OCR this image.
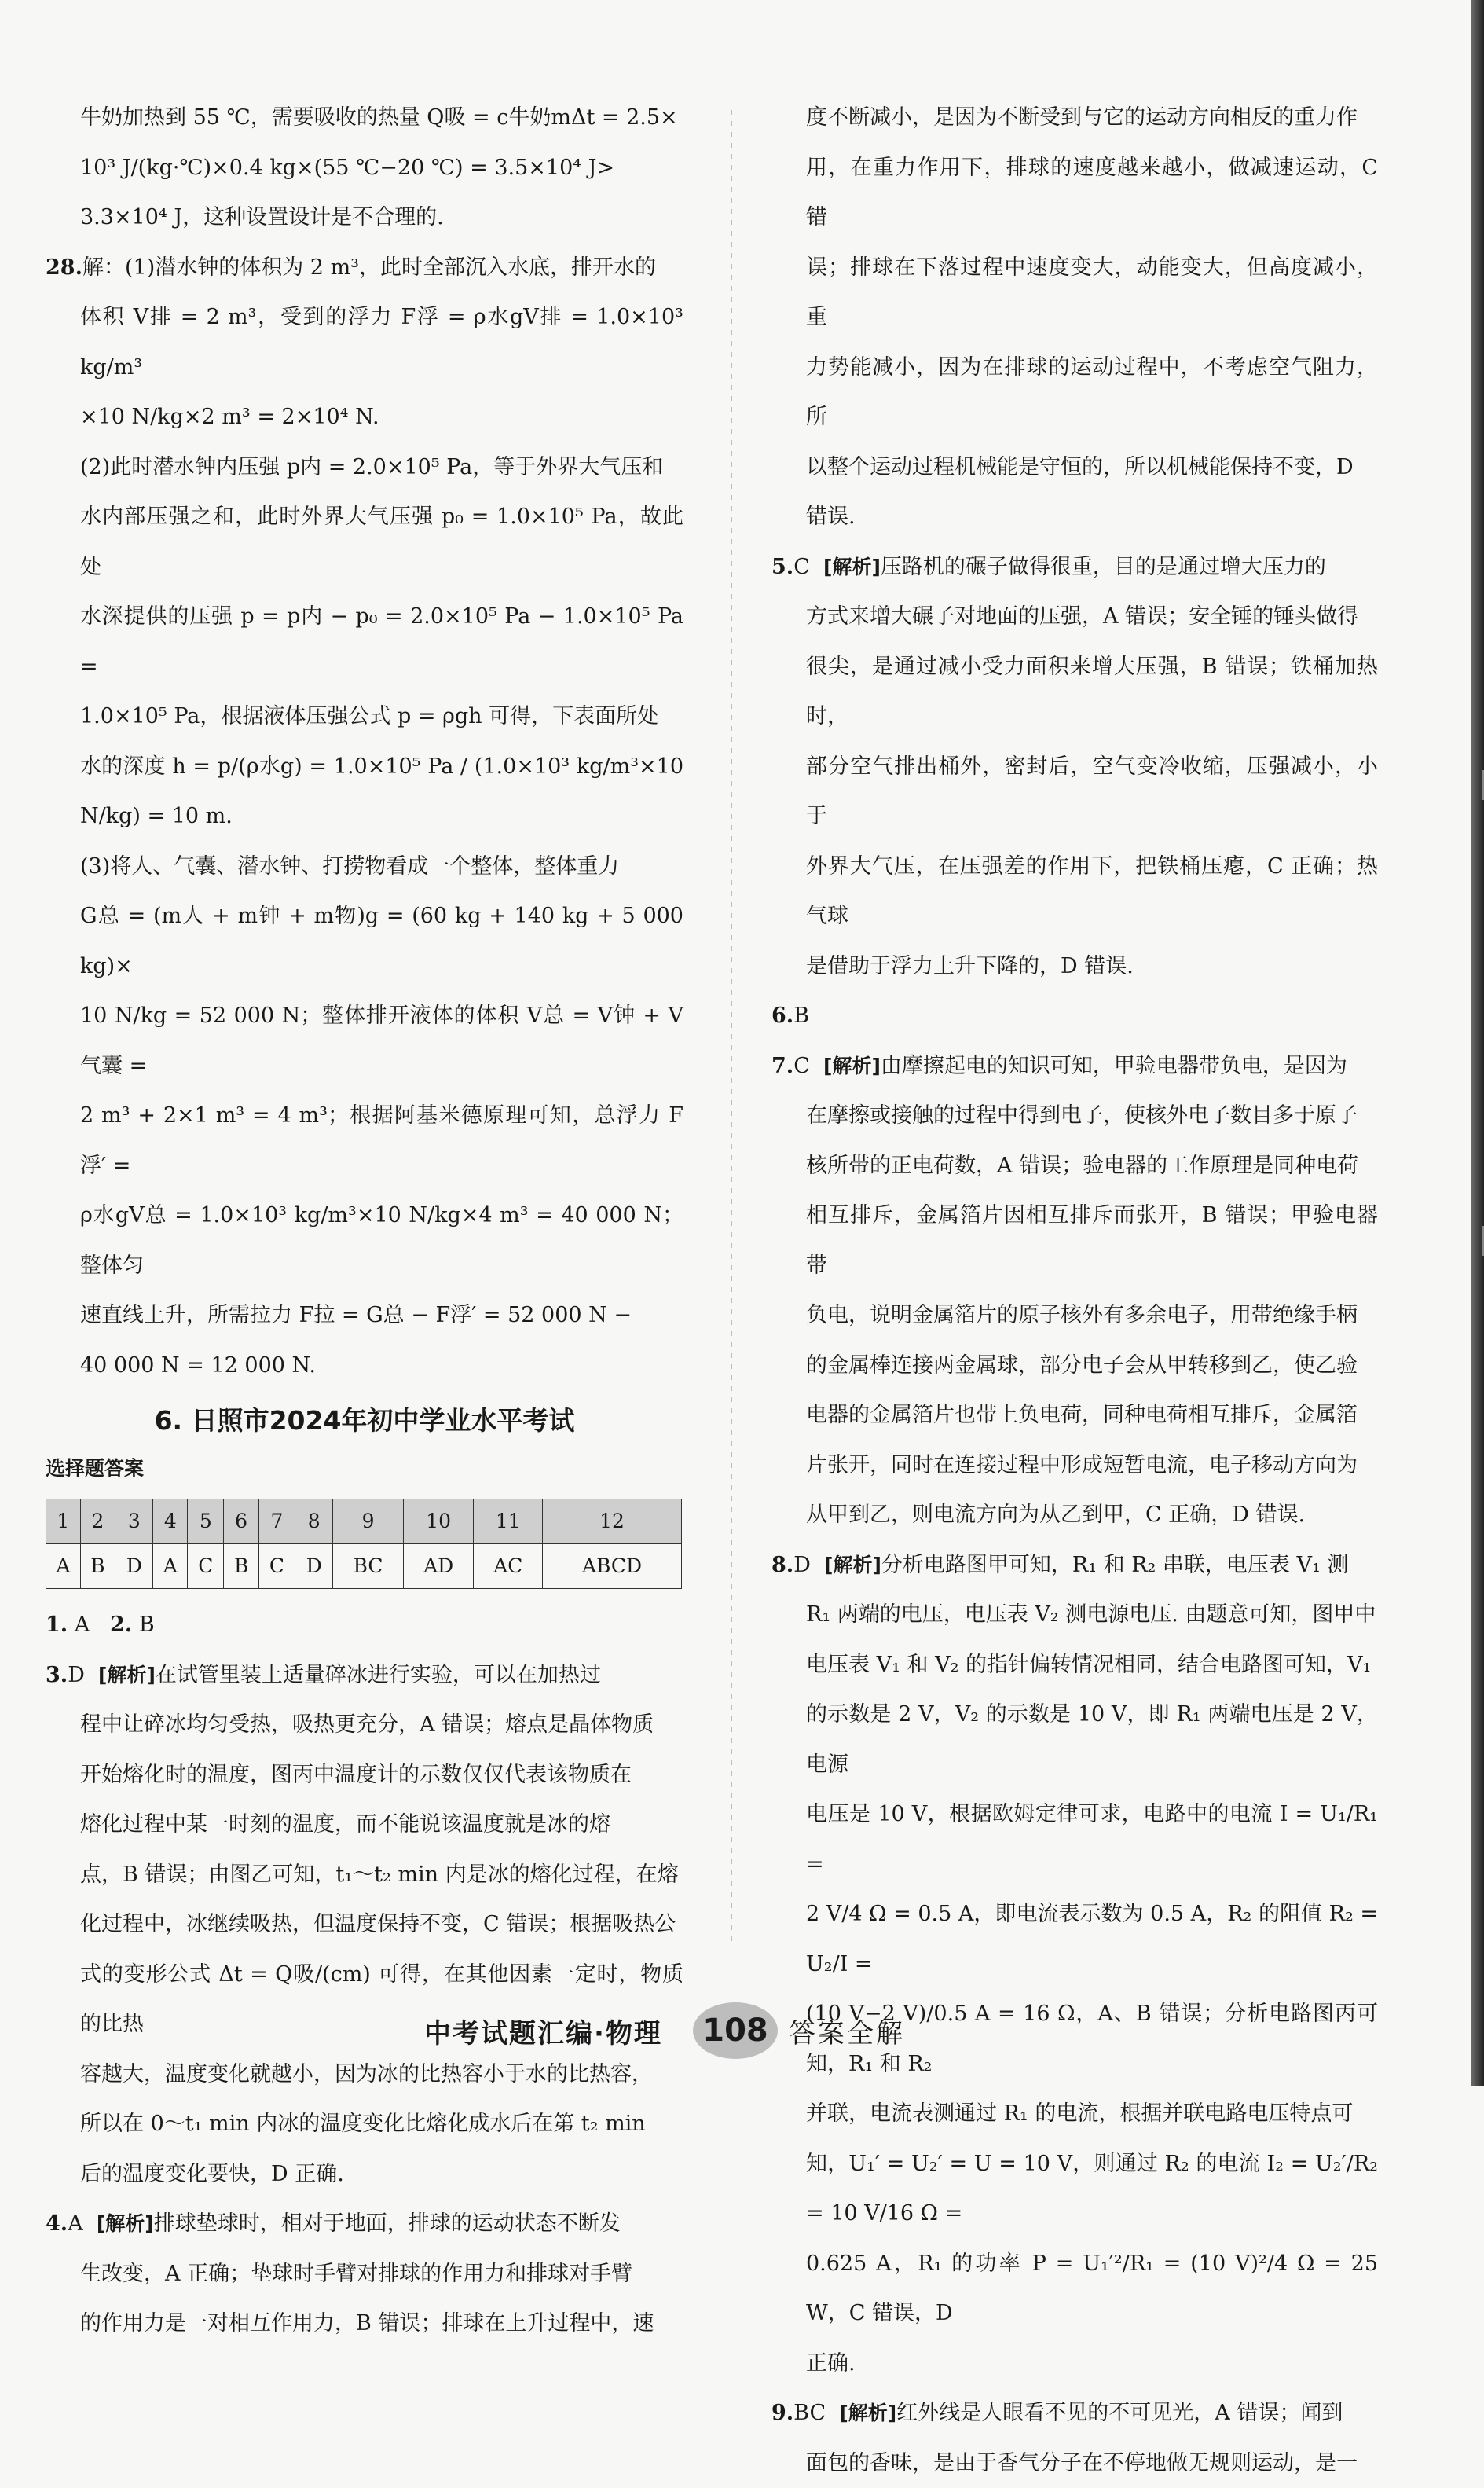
牛奶加热到 55 ℃，需要吸收的热量 Q吸 = c牛奶mΔt = 2.5×

10³ J/(kg·℃)×0.4 kg×(55 ℃−20 ℃) = 3.5×10⁴ J>

3.3×10⁴ J，这种设置设计是不合理的.

28.解：(1)潜水钟的体积为 2 m³，此时全部沉入水底，排开水的

体积 V排 = 2 m³，受到的浮力 F浮 = ρ水gV排 = 1.0×10³ kg/m³

×10 N/kg×2 m³ = 2×10⁴ N.

(2)此时潜水钟内压强 p内 = 2.0×10⁵ Pa，等于外界大气压和

水内部压强之和，此时外界大气压强 p₀ = 1.0×10⁵ Pa，故此处

水深提供的压强 p = p内 − p₀ = 2.0×10⁵ Pa − 1.0×10⁵ Pa =

1.0×10⁵ Pa，根据液体压强公式 p = ρgh 可得，下表面所处

水的深度 h = p/(ρ水g) = 1.0×10⁵ Pa / (1.0×10³ kg/m³×10 N/kg) = 10 m.

(3)将人、气囊、潜水钟、打捞物看成一个整体，整体重力

G总 = (m人 + m钟 + m物)g = (60 kg + 140 kg + 5 000 kg)×

10 N/kg = 52 000 N；整体排开液体的体积 V总 = V钟 + V气囊 =

2 m³ + 2×1 m³ = 4 m³；根据阿基米德原理可知，总浮力 F浮′ =

ρ水gV总 = 1.0×10³ kg/m³×10 N/kg×4 m³ = 40 000 N；整体匀

速直线上升，所需拉力 F拉 = G总 − F浮′ = 52 000 N −

40 000 N = 12 000 N.

6. 日照市2024年初中学业水平考试

选择题答案

1	2	3	4	5	6	7	8	9	10	11	12
A	B	D	A	C	B	C	D	BC	AD	AC	ABCD

1. A 2. B

3.D [解析]在试管里装上适量碎冰进行实验，可以在加热过

程中让碎冰均匀受热，吸热更充分，A 错误；熔点是晶体物质

开始熔化时的温度，图丙中温度计的示数仅仅代表该物质在

熔化过程中某一时刻的温度，而不能说该温度就是冰的熔

点，B 错误；由图乙可知，t₁～t₂ min 内是冰的熔化过程，在熔

化过程中，冰继续吸热，但温度保持不变，C 错误；根据吸热公

式的变形公式 Δt = Q吸/(cm) 可得，在其他因素一定时，物质的比热

容越大，温度变化就越小，因为冰的比热容小于水的比热容，

所以在 0～t₁ min 内冰的温度变化比熔化成水后在第 t₂ min

后的温度变化要快，D 正确.

4.A [解析]排球垫球时，相对于地面，排球的运动状态不断发

生改变，A 正确；垫球时手臂对排球的作用力和排球对手臂

的作用力是一对相互作用力，B 错误；排球在上升过程中，速

度不断减小，是因为不断受到与它的运动方向相反的重力作

用，在重力作用下，排球的速度越来越小，做减速运动，C 错

误；排球在下落过程中速度变大，动能变大，但高度减小，重

力势能减小，因为在排球的运动过程中，不考虑空气阻力，所

以整个运动过程机械能是守恒的，所以机械能保持不变，D

错误.

5.C [解析]压路机的碾子做得很重，目的是通过增大压力的

方式来增大碾子对地面的压强，A 错误；安全锤的锤头做得

很尖，是通过减小受力面积来增大压强，B 错误；铁桶加热时，

部分空气排出桶外，密封后，空气变冷收缩，压强减小，小于

外界大气压，在压强差的作用下，把铁桶压瘪，C 正确；热气球

是借助于浮力上升下降的，D 错误.

6.B

7.C [解析]由摩擦起电的知识可知，甲验电器带负电，是因为

在摩擦或接触的过程中得到电子，使核外电子数目多于原子

核所带的正电荷数，A 错误；验电器的工作原理是同种电荷

相互排斥，金属箔片因相互排斥而张开，B 错误；甲验电器带

负电，说明金属箔片的原子核外有多余电子，用带绝缘手柄

的金属棒连接两金属球，部分电子会从甲转移到乙，使乙验

电器的金属箔片也带上负电荷，同种电荷相互排斥，金属箔

片张开，同时在连接过程中形成短暂电流，电子移动方向为

从甲到乙，则电流方向为从乙到甲，C 正确，D 错误.

8.D [解析]分析电路图甲可知，R₁ 和 R₂ 串联，电压表 V₁ 测

R₁ 两端的电压，电压表 V₂ 测电源电压. 由题意可知，图甲中

电压表 V₁ 和 V₂ 的指针偏转情况相同，结合电路图可知，V₁

的示数是 2 V，V₂ 的示数是 10 V，即 R₁ 两端电压是 2 V，电源

电压是 10 V，根据欧姆定律可求，电路中的电流 I = U₁/R₁ =

2 V/4 Ω = 0.5 A，即电流表示数为 0.5 A，R₂ 的阻值 R₂ = U₂/I =

(10 V−2 V)/0.5 A = 16 Ω，A、B 错误；分析电路图丙可知，R₁ 和 R₂

并联，电流表测通过 R₁ 的电流，根据并联电路电压特点可

知，U₁′ = U₂′ = U = 10 V，则通过 R₂ 的电流 I₂ = U₂′/R₂ = 10 V/16 Ω =

0.625 A，R₁ 的功率 P = U₁′²/R₁ = (10 V)²/4 Ω = 25 W，C 错误，D

正确.

9.BC [解析]红外线是人眼看不见的不可见光，A 错误；闻到

面包的香味，是由于香气分子在不停地做无规则运动，是一

中考试题汇编·物理	108 答案全解
